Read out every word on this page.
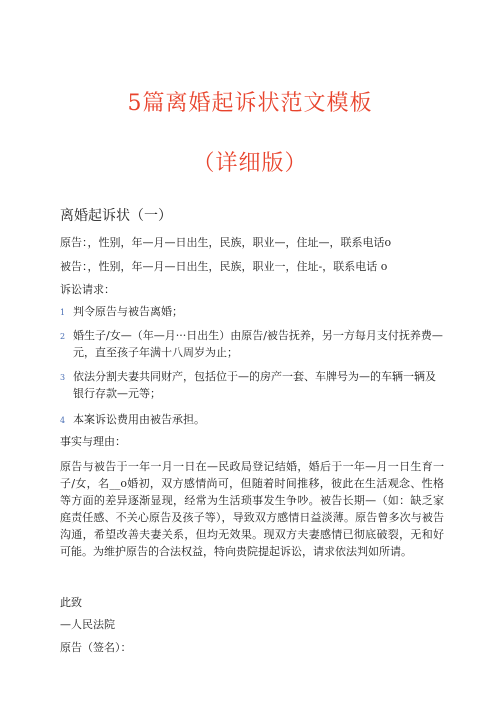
5篇离婚起诉状范文模板
（详细版）
离婚起诉状（一）

原告：，性别，年—月—日出生，民族，职业—，住址—，联系电话o

被告：，性别，年—月—日出生，民族，职业一，住址-，联系电话 o

诉讼请求：

1 判令原告与被告离婚；
2 婚生子/女—（年—月···日出生）由原告/被告抚养，另一方每月支付抚养费—元，直至孩子年满十八周岁为止；
3 依法分割夫妻共同财产，包括位于—的房产一套、车牌号为—的车辆一辆及银行存款—元等；
4 本案诉讼费用由被告承担。

事实与理由：

原告与被告于一年一月一日在—民政局登记结婚，婚后于一年—月一日生育一子/女，名__o婚初，双方感情尚可，但随着时间推移，彼此在生活观念、性格等方面的差异逐渐显现，经常为生活琐事发生争吵。被告长期—（如：缺乏家庭责任感、不关心原告及孩子等），导致双方感情日益淡薄。原告曾多次与被告沟通，希望改善夫妻关系，但均无效果。现双方夫妻感情已彻底破裂，无和好可能。为维护原告的合法权益，特向贵院提起诉讼，请求依法判如所请。

此致

—人民法院

原告（签名）：
